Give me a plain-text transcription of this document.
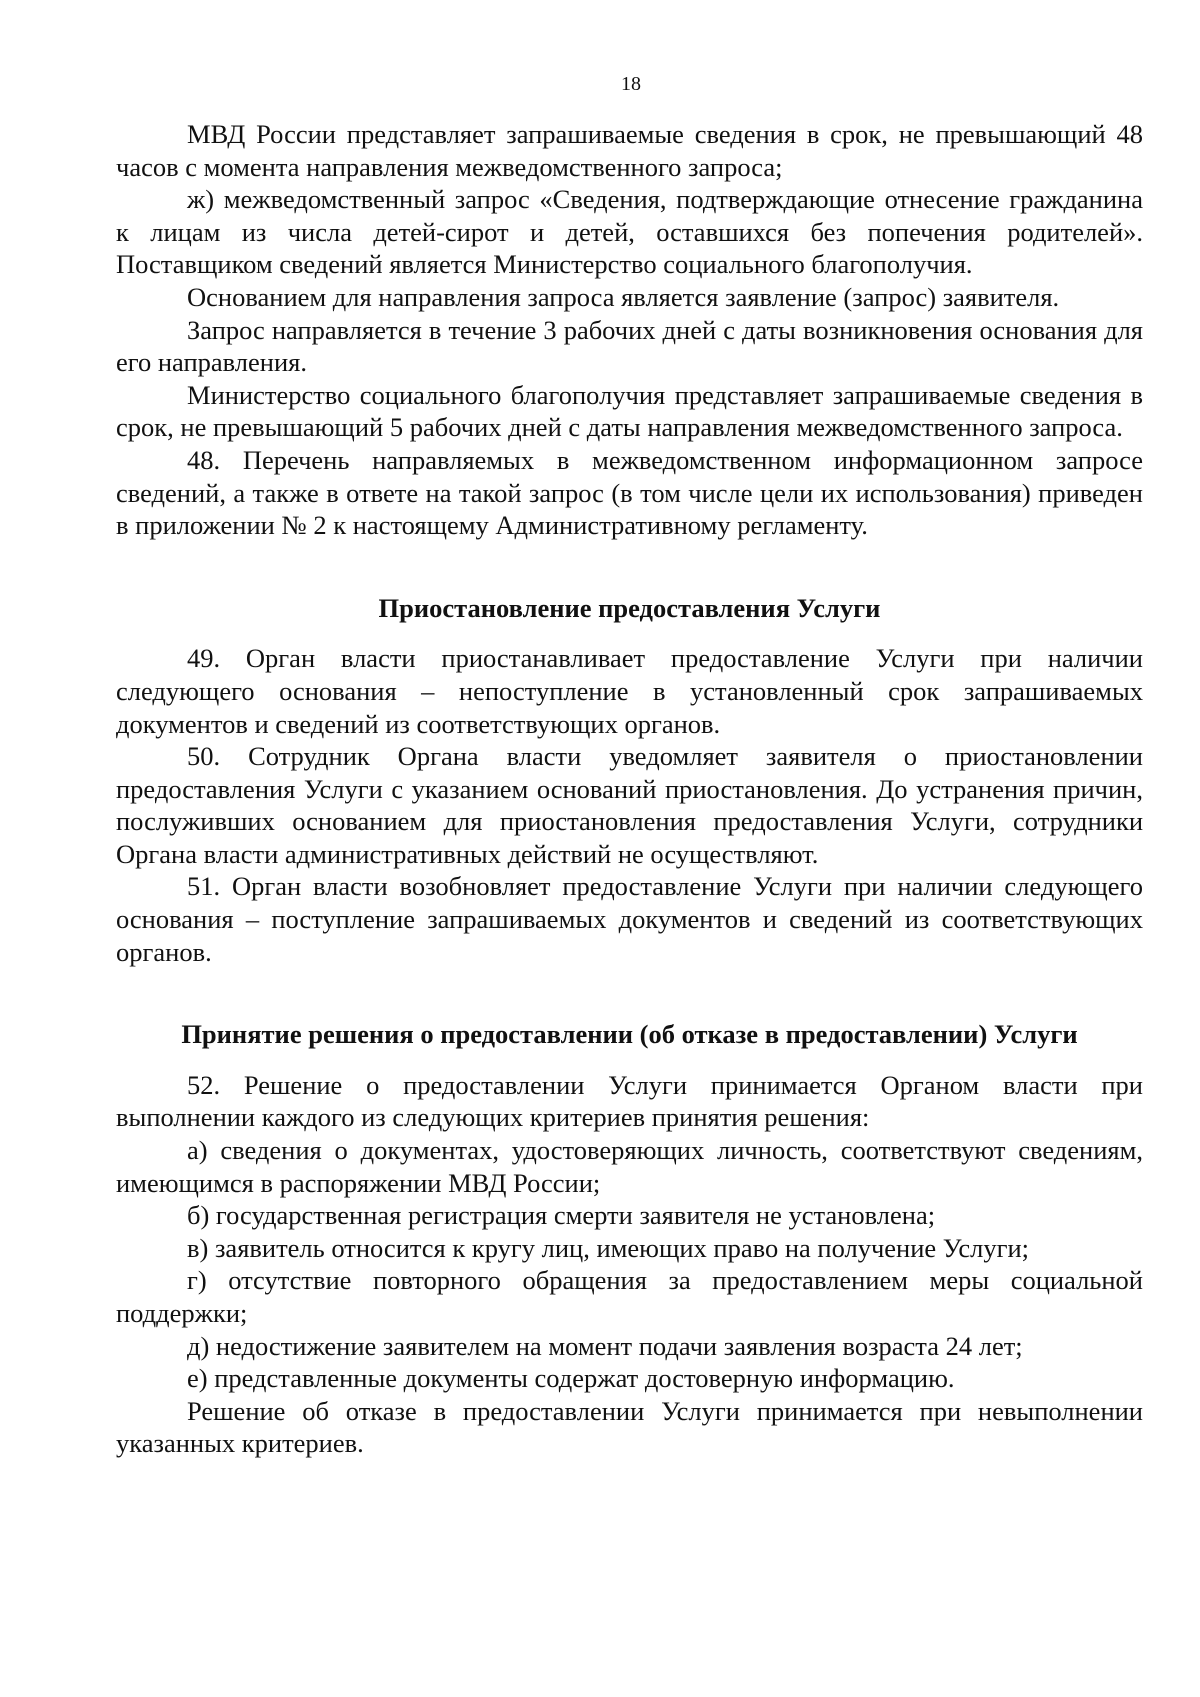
18

МВД России представляет запрашиваемые сведения в срок, не превышающий 48 часов с момента направления межведомственного запроса;

ж) межведомственный запрос «Сведения, подтверждающие отнесение гражданина к лицам из числа детей-сирот и детей, оставшихся без попечения родителей». Поставщиком сведений является Министерство социального благополучия.

Основанием для направления запроса является заявление (запрос) заявителя.

Запрос направляется в течение 3 рабочих дней с даты возникновения основания для его направления.

Министерство социального благополучия представляет запрашиваемые сведения в срок, не превышающий 5 рабочих дней с даты направления межведомственного запроса.

48. Перечень направляемых в межведомственном информационном запросе сведений, а также в ответе на такой запрос (в том числе цели их использования) приведен в приложении № 2 к настоящему Административному регламенту.

Приостановление предоставления Услуги

49. Орган власти приостанавливает предоставление Услуги при наличии следующего основания – непоступление в установленный срок запрашиваемых документов и сведений из соответствующих органов.

50. Сотрудник Органа власти уведомляет заявителя о приостановлении предоставления Услуги с указанием оснований приостановления. До устранения причин, послуживших основанием для приостановления предоставления Услуги, сотрудники Органа власти административных действий не осуществляют.

51. Орган власти возобновляет предоставление Услуги при наличии следующего основания – поступление запрашиваемых документов и сведений из соответствующих органов.

Принятие решения о предоставлении (об отказе в предоставлении) Услуги

52. Решение о предоставлении Услуги принимается Органом власти при выполнении каждого из следующих критериев принятия решения:

а) сведения о документах, удостоверяющих личность, соответствуют сведениям, имеющимся в распоряжении МВД России;

б) государственная регистрация смерти заявителя не установлена;

в) заявитель относится к кругу лиц, имеющих право на получение Услуги;

г) отсутствие повторного обращения за предоставлением меры социальной поддержки;

д) недостижение заявителем на момент подачи заявления возраста 24 лет;

е) представленные документы содержат достоверную информацию.

Решение об отказе в предоставлении Услуги принимается при невыполнении указанных критериев.
